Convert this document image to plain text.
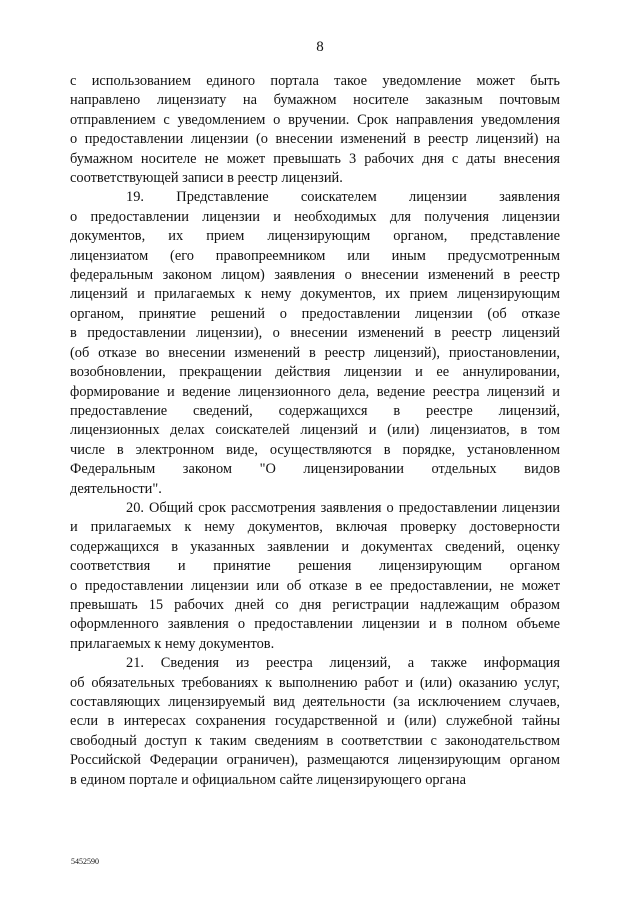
8
с использованием единого портала такое уведомление может быть
направлено лицензиату на бумажном носителе заказным почтовым
отправлением с уведомлением о вручении. Срок направления уведомления
о предоставлении лицензии (о внесении изменений в реестр лицензий) на
бумажном носителе не может превышать 3 рабочих дня с даты внесения
соответствующей записи в реестр лицензий.
19. Представление соискателем лицензии заявления
о предоставлении лицензии и необходимых для получения лицензии
документов, их прием лицензирующим органом, представление
лицензиатом (его правопреемником или иным предусмотренным
федеральным законом лицом) заявления о внесении изменений в реестр
лицензий и прилагаемых к нему документов, их прием лицензирующим
органом, принятие решений о предоставлении лицензии (об отказе
в предоставлении лицензии), о внесении изменений в реестр лицензий
(об отказе во внесении изменений в реестр лицензий), приостановлении,
возобновлении, прекращении действия лицензии и ее аннулировании,
формирование и ведение лицензионного дела, ведение реестра лицензий и
предоставление сведений, содержащихся в реестре лицензий,
лицензионных делах соискателей лицензий и (или) лицензиатов, в том
числе в электронном виде, осуществляются в порядке, установленном
Федеральным законом "О лицензировании отдельных видов
деятельности".
20. Общий срок рассмотрения заявления о предоставлении лицензии
и прилагаемых к нему документов, включая проверку достоверности
содержащихся в указанных заявлении и документах сведений, оценку
соответствия и принятие решения лицензирующим органом
о предоставлении лицензии или об отказе в ее предоставлении, не может
превышать 15 рабочих дней со дня регистрации надлежащим образом
оформленного заявления о предоставлении лицензии и в полном объеме
прилагаемых к нему документов.
21. Сведения из реестра лицензий, а также информация
об обязательных требованиях к выполнению работ и (или) оказанию услуг,
составляющих лицензируемый вид деятельности (за исключением случаев,
если в интересах сохранения государственной и (или) служебной тайны
свободный доступ к таким сведениям в соответствии с законодательством
Российской Федерации ограничен), размещаются лицензирующим органом
в едином портале и официальном сайте лицензирующего органа
5452590
